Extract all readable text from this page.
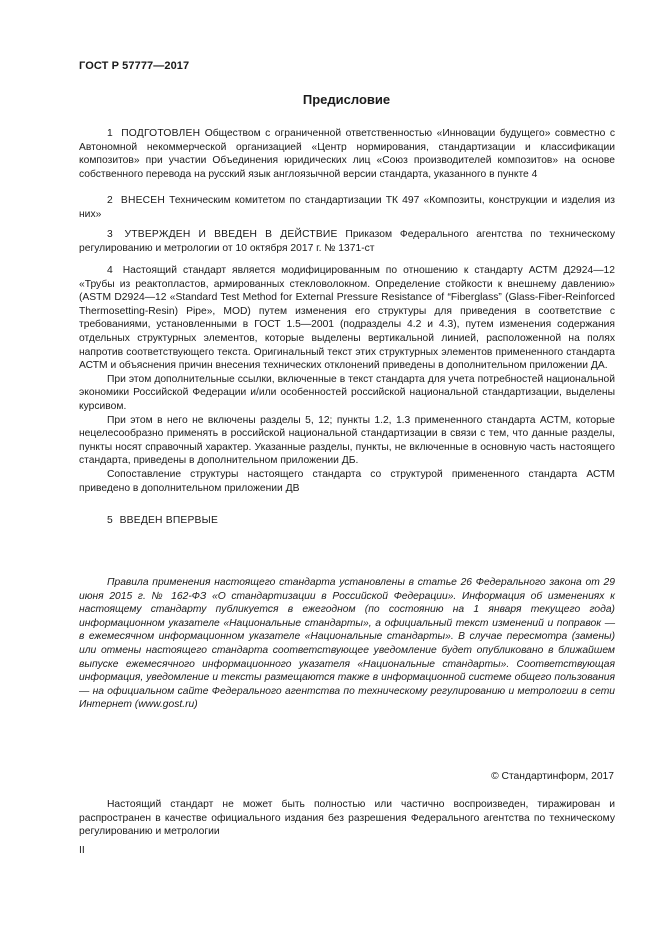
ГОСТ Р 57777—2017
Предисловие

1 ПОДГОТОВЛЕН Обществом с ограниченной ответственностью «Инновации будущего» совместно с Автономной некоммерческой организацией «Центр нормирования, стандартизации и классификации композитов» при участии Объединения юридических лиц «Союз производителей композитов» на основе собственного перевода на русский язык англоязычной версии стандарта, указанного в пункте 4

2 ВНЕСЕН Техническим комитетом по стандартизации ТК 497 «Композиты, конструкции и изделия из них»

3 УТВЕРЖДЕН И ВВЕДЕН В ДЕЙСТВИЕ Приказом Федерального агентства по техническому регулированию и метрологии от 10 октября 2017 г. № 1371-ст

4 Настоящий стандарт является модифицированным по отношению к стандарту АСТМ Д2924—12 «Трубы из реактопластов, армированных стекловолокном. Определение стойкости к внешнему давлению» (ASTM D2924—12 «Standard Test Method for External Pressure Resistance of “Fiberglass” (Glass-Fiber-Reinforced Thermosetting-Resin) Pipe», MOD) путем изменения его структуры для приведения в соответствие с требованиями, установленными в ГОСТ 1.5—2001 (подразделы 4.2 и 4.3), путем изменения содержания отдельных структурных элементов, которые выделены вертикальной линией, расположенной на полях напротив соответствующего текста. Оригинальный текст этих структурных элементов примененного стандарта АСТМ и объяснения причин внесения технических отклонений приведены в дополнительном приложении ДА.

При этом дополнительные ссылки, включенные в текст стандарта для учета потребностей национальной экономики Российской Федерации и/или особенностей российской национальной стандартизации, выделены курсивом.

При этом в него не включены разделы 5, 12; пункты 1.2, 1.3 примененного стандарта АСТМ, которые нецелесообразно применять в российской национальной стандартизации в связи с тем, что данные разделы, пункты носят справочный характер. Указанные разделы, пункты, не включенные в основную часть настоящего стандарта, приведены в дополнительном приложении ДБ.

Сопоставление структуры настоящего стандарта со структурой примененного стандарта АСТМ приведено в дополнительном приложении ДВ

5 ВВЕДЕН ВПЕРВЫЕ

Правила применения настоящего стандарта установлены в статье 26 Федерального закона от 29 июня 2015 г. № 162-ФЗ «О стандартизации в Российской Федерации». Информация об изменениях к настоящему стандарту публикуется в ежегодном (по состоянию на 1 января текущего года) информационном указателе «Национальные стандарты», а официальный текст изменений и поправок — в ежемесячном информационном указателе «Национальные стандарты». В случае пересмотра (замены) или отмены настоящего стандарта соответствующее уведомление будет опубликовано в ближайшем выпуске ежемесячного информационного указателя «Национальные стандарты». Соответствующая информация, уведомление и тексты размещаются также в информационной системе общего пользования — на официальном сайте Федерального агентства по техническому регулированию и метрологии в сети Интернет (www.gost.ru)

© Стандартинформ, 2017

Настоящий стандарт не может быть полностью или частично воспроизведен, тиражирован и распространен в качестве официального издания без разрешения Федерального агентства по техническому регулированию и метрологии

II
